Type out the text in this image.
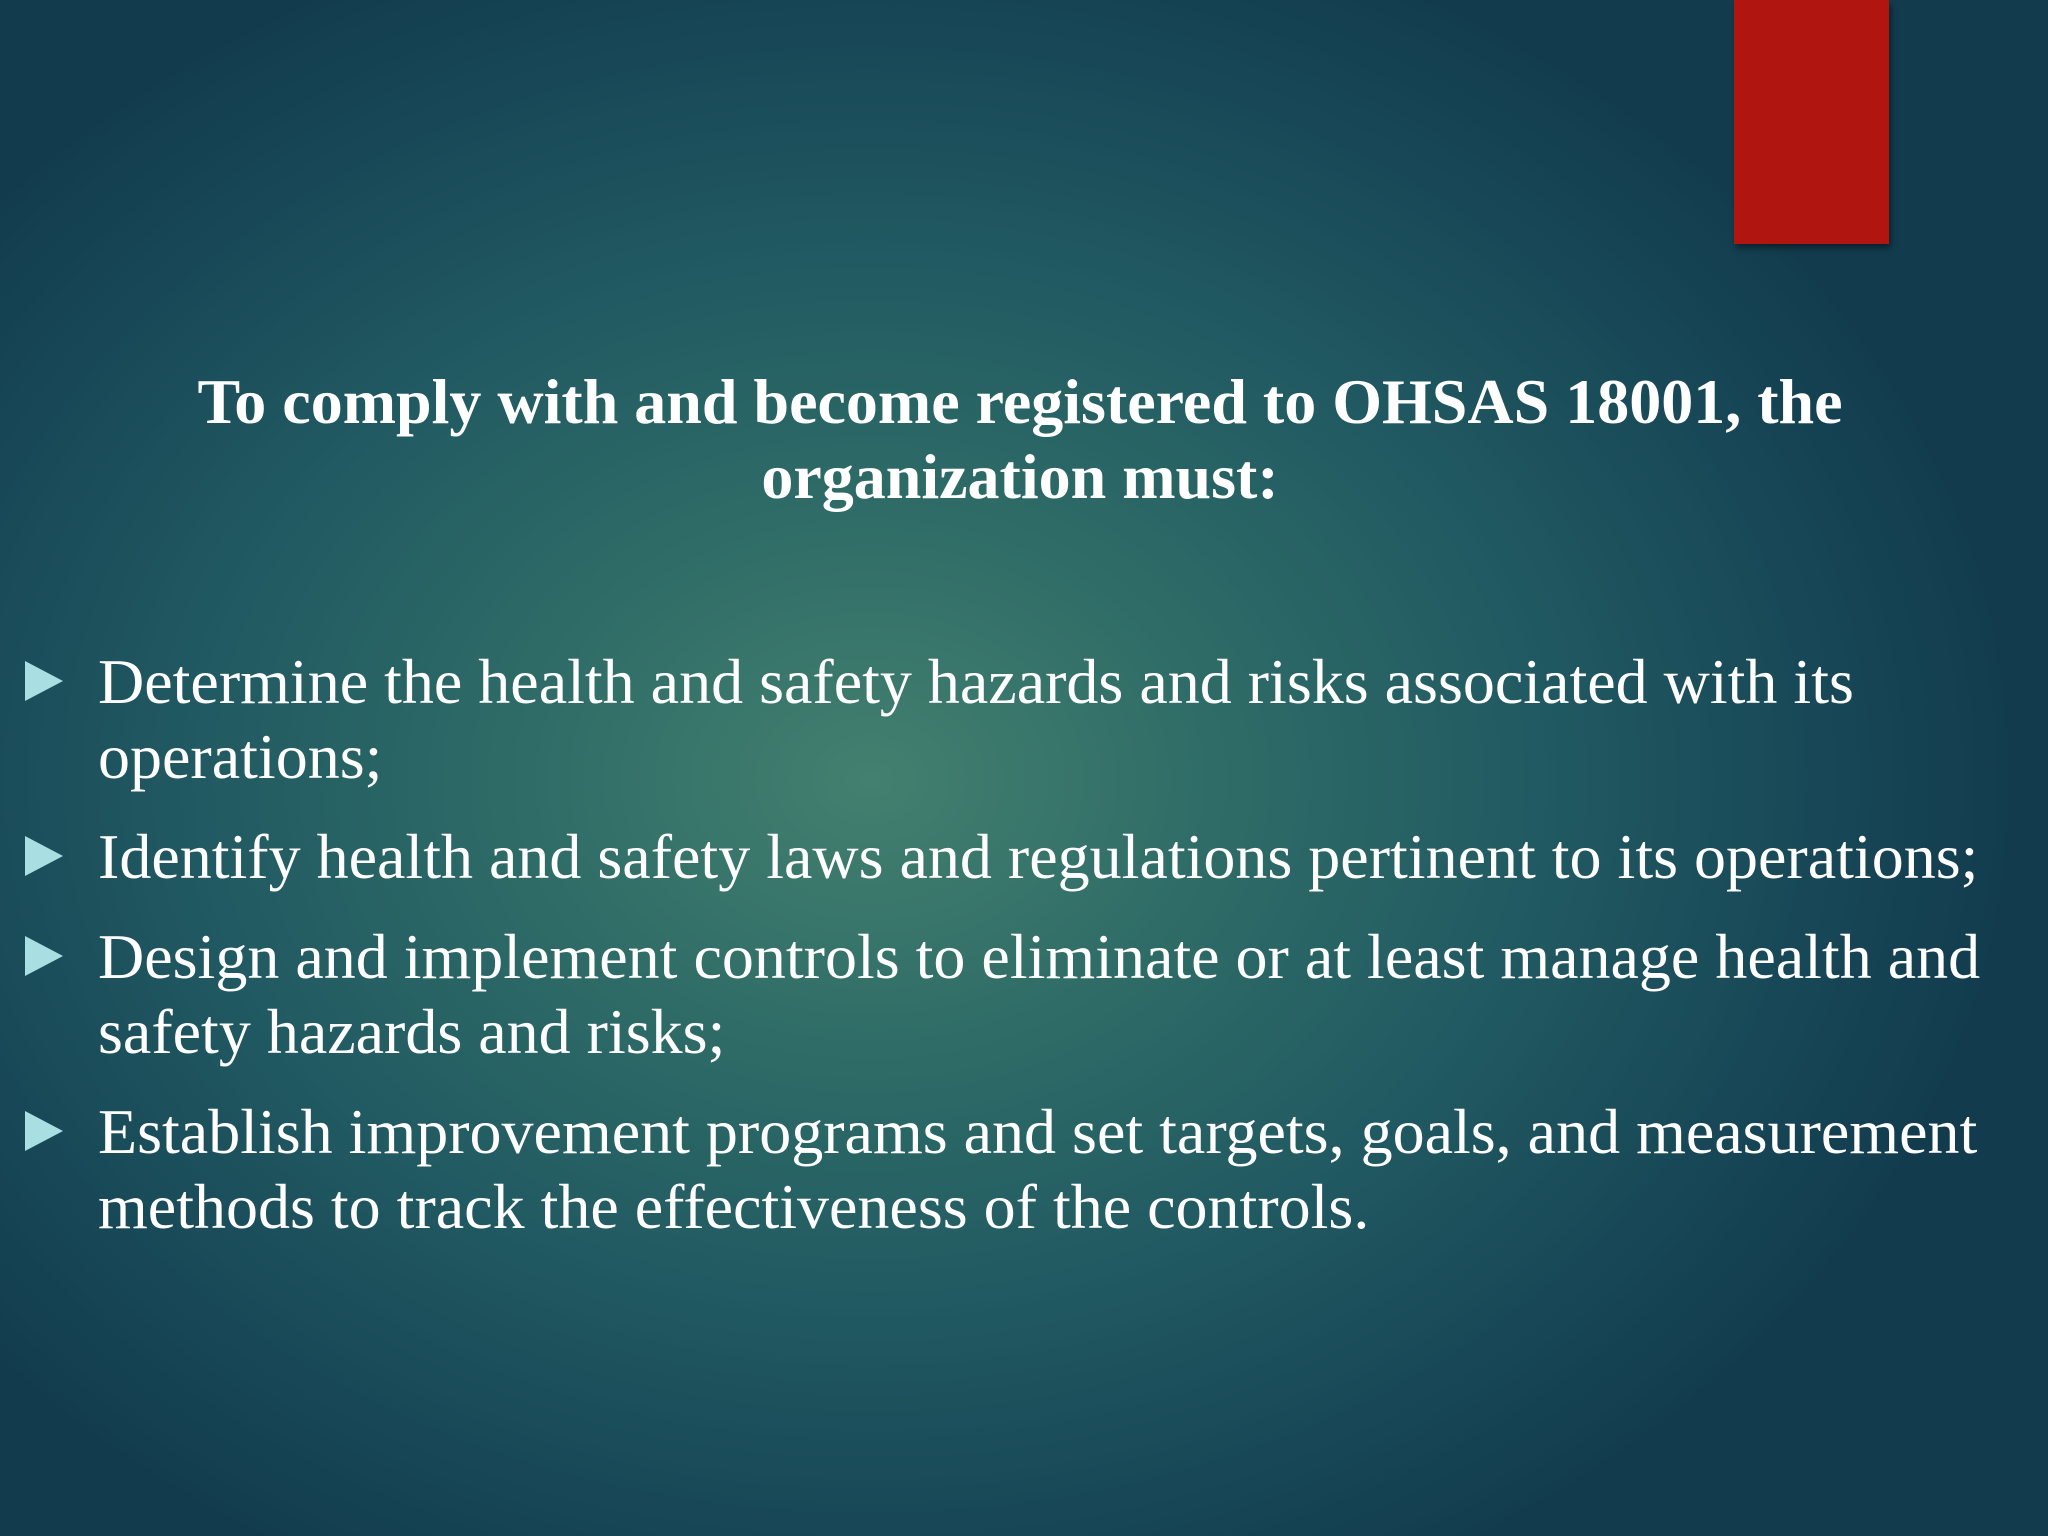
To comply with and become registered to OHSAS 18001, the organization must:

Determine the health and safety hazards and risks associated with its operations;
Identify health and safety laws and regulations pertinent to its operations;
Design and implement controls to eliminate or at least manage health and safety hazards and risks;
Establish improvement programs and set targets, goals, and measurement methods to track the effectiveness of the controls.
